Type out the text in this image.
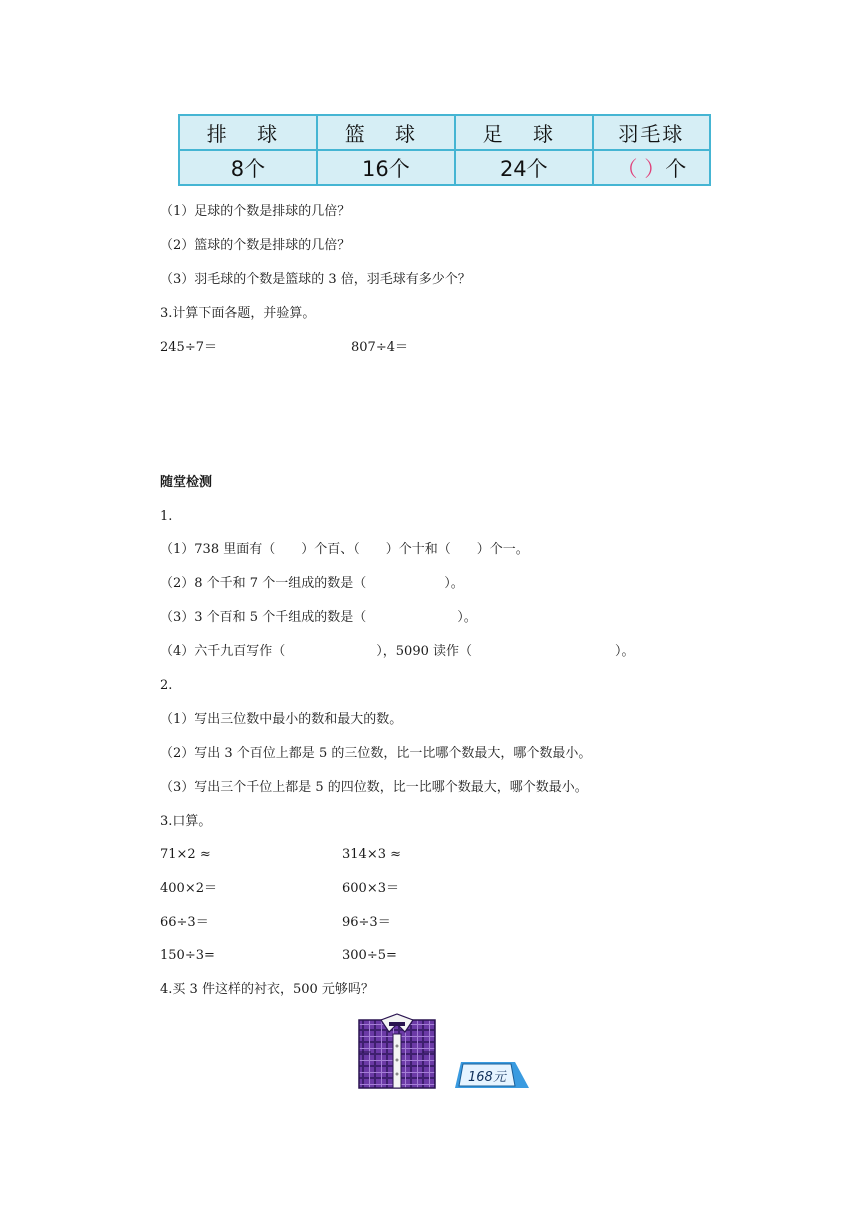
排 球	篮 球	足 球	羽毛球
8个	16个	24个	（ ）个
（1）足球的个数是排球的几倍？
（2）篮球的个数是排球的几倍？
（3）羽毛球的个数是篮球的 3 倍，羽毛球有多少个？
3.计算下面各题，并验算。
245÷7＝	807÷4＝
随堂检测
1.
（1）738 里面有（　　）个百、（　　）个十和（　　）个一。
（2）8 个千和 7 个一组成的数是（　　　　　　）。
（3）3 个百和 5 个千组成的数是（　　　　　　　）。
（4）六千九百写作（　　　　　　　），5090 读作（　　　　　　　　　　　）。
2.
（1）写出三位数中最小的数和最大的数。
（2）写出 3 个百位上都是 5 的三位数，比一比哪个数最大，哪个数最小。
（3）写出三个千位上都是 5 的四位数，比一比哪个数最大，哪个数最小。
3.口算。
71×2 ≈	314×3 ≈
400×2＝	600×3＝
66÷3＝	96÷3＝
150÷3=	300÷5=
4.买 3 件这样的衬衣，500 元够吗？
168元
